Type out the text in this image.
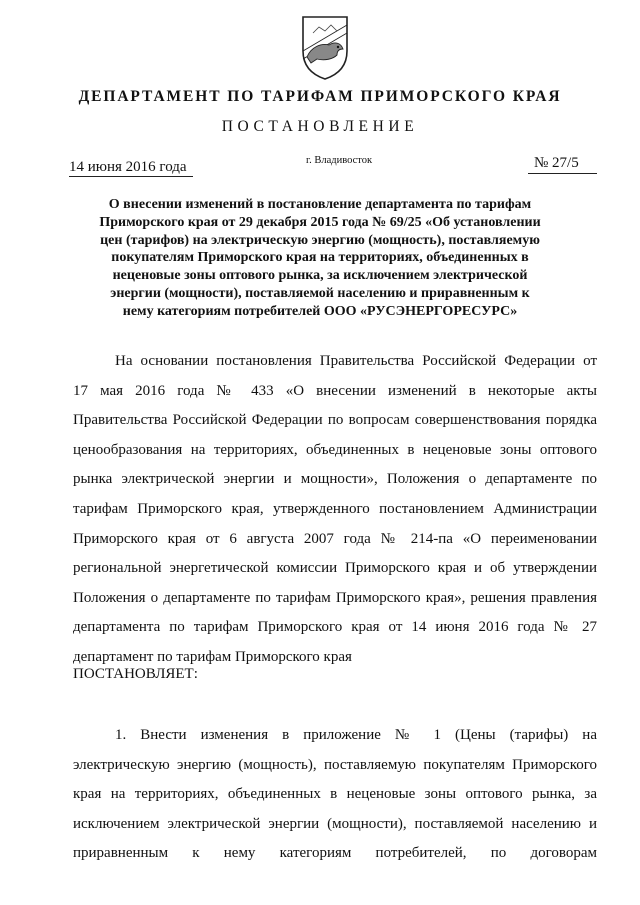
ДЕПАРТАМЕНТ ПО ТАРИФАМ ПРИМОРСКОГО КРАЯ
ПОСТАНОВЛЕНИЕ
14 июня 2016 года	г. Владивосток	№ 27/5
О внесении изменений в постановление департамента по тарифам
Приморского края от 29 декабря 2015 года № 69/25 «Об установлении
цен (тарифов) на электрическую энергию (мощность), поставляемую
покупателям Приморского края на территориях, объединенных в
неценовые зоны оптового рынка, за исключением электрической
энергии (мощности), поставляемой населению и приравненным к
нему категориям потребителей ООО «РУСЭНЕРГОРЕСУРС»
На основании постановления Правительства Российской Федерации от
17 мая 2016 года № 433 «О внесении изменений в некоторые акты
Правительства Российской Федерации по вопросам совершенствования порядка
ценообразования на территориях, объединенных в неценовые зоны оптового
рынка электрической энергии и мощности», Положения о департаменте по
тарифам Приморского края, утвержденного постановлением Администрации
Приморского края от 6 августа 2007 года № 214-па «О переименовании
региональной энергетической комиссии Приморского края и об утверждении
Положения о департаменте по тарифам Приморского края», решения правления
департамента по тарифам Приморского края от 14 июня 2016 года № 27
департамент по тарифам Приморского края
ПОСТАНОВЛЯЕТ:
1. Внести изменения в приложение № 1 (Цены (тарифы) на
электрическую энергию (мощность), поставляемую покупателям Приморского
края на территориях, объединенных в неценовые зоны оптового рынка, за
исключением электрической энергии (мощности), поставляемой населению и
приравненным к нему категориям потребителей, по договорам
